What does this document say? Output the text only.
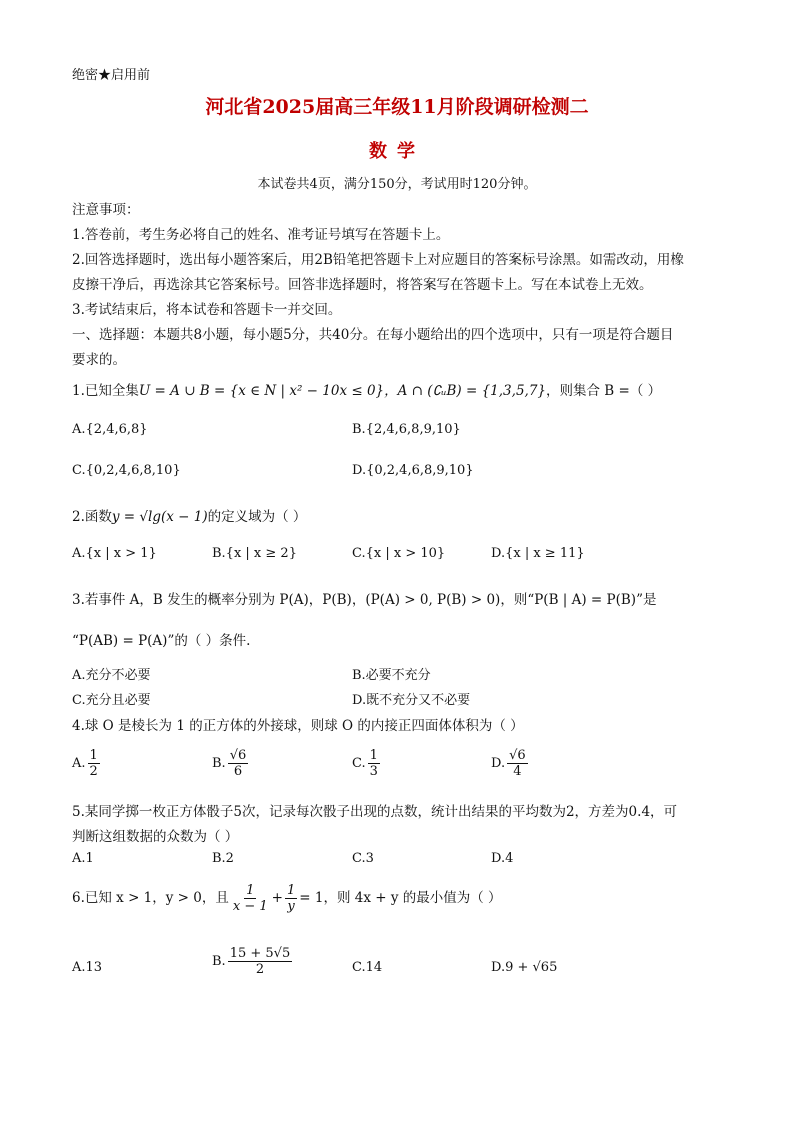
绝密★启用前
河北省2025届高三年级11月阶段调研检测二
数学
本试卷共4页，满分150分，考试用时120分钟。
注意事项：
1.答卷前，考生务必将自己的姓名、准考证号填写在答题卡上。
2.回答选择题时，选出每小题答案后，用2B铅笔把答题卡上对应题目的答案标号涂黑。如需改动，用橡
皮擦干净后，再选涂其它答案标号。回答非选择题时，将答案写在答题卡上。写在本试卷上无效。
3.考试结束后，将本试卷和答题卡一并交回。
一、选择题：本题共8小题，每小题5分，共40分。在每小题给出的四个选项中，只有一项是符合题目
要求的。
1.已知全集U = A ∪ B = {x ∈ N | x² − 10x ≤ 0}，A ∩ (∁ᵤB) = {1,3,5,7}，则集合 B =（ ）
A.{2,4,6,8}	B.{2,4,6,8,9,10}
C.{0,2,4,6,8,10}	D.{0,2,4,6,8,9,10}
2.函数y = √lg(x − 1)的定义域为（ ）
A.{x | x > 1}	B.{x | x ≥ 2}	C.{x | x > 10}	D.{x | x ≥ 11}
3.若事件 A，B 发生的概率分别为 P(A)，P(B)，(P(A) > 0, P(B) > 0)，则“P(B | A) = P(B)”是
“P(AB) = P(A)”的（ ）条件.
A.充分不必要	B.必要不充分
C.充分且必要	D.既不充分又不必要
4.球 O 是棱长为 1 的正方体的外接球，则球 O 的内接正四面体体积为（ ）
A. $\frac{1}{2}$	B. $\frac{√6}{6}$	C. $\frac{1}{3}$	D. $\frac{√6}{4}$
5.某同学掷一枚正方体骰子5次，记录每次骰子出现的点数，统计出结果的平均数为2，方差为0.4，可
判断这组数据的众数为（ ）
A.1	B.2	C.3	D.4
6.已知 x > 1，y > 0，且 $\frac{1}{x - 1} + \frac{1}{y} = 1$，则 4x + y 的最小值为（ ）
A.13	B. $\frac{15 + 5√5}{2}$	C.14	D.9 + √65
